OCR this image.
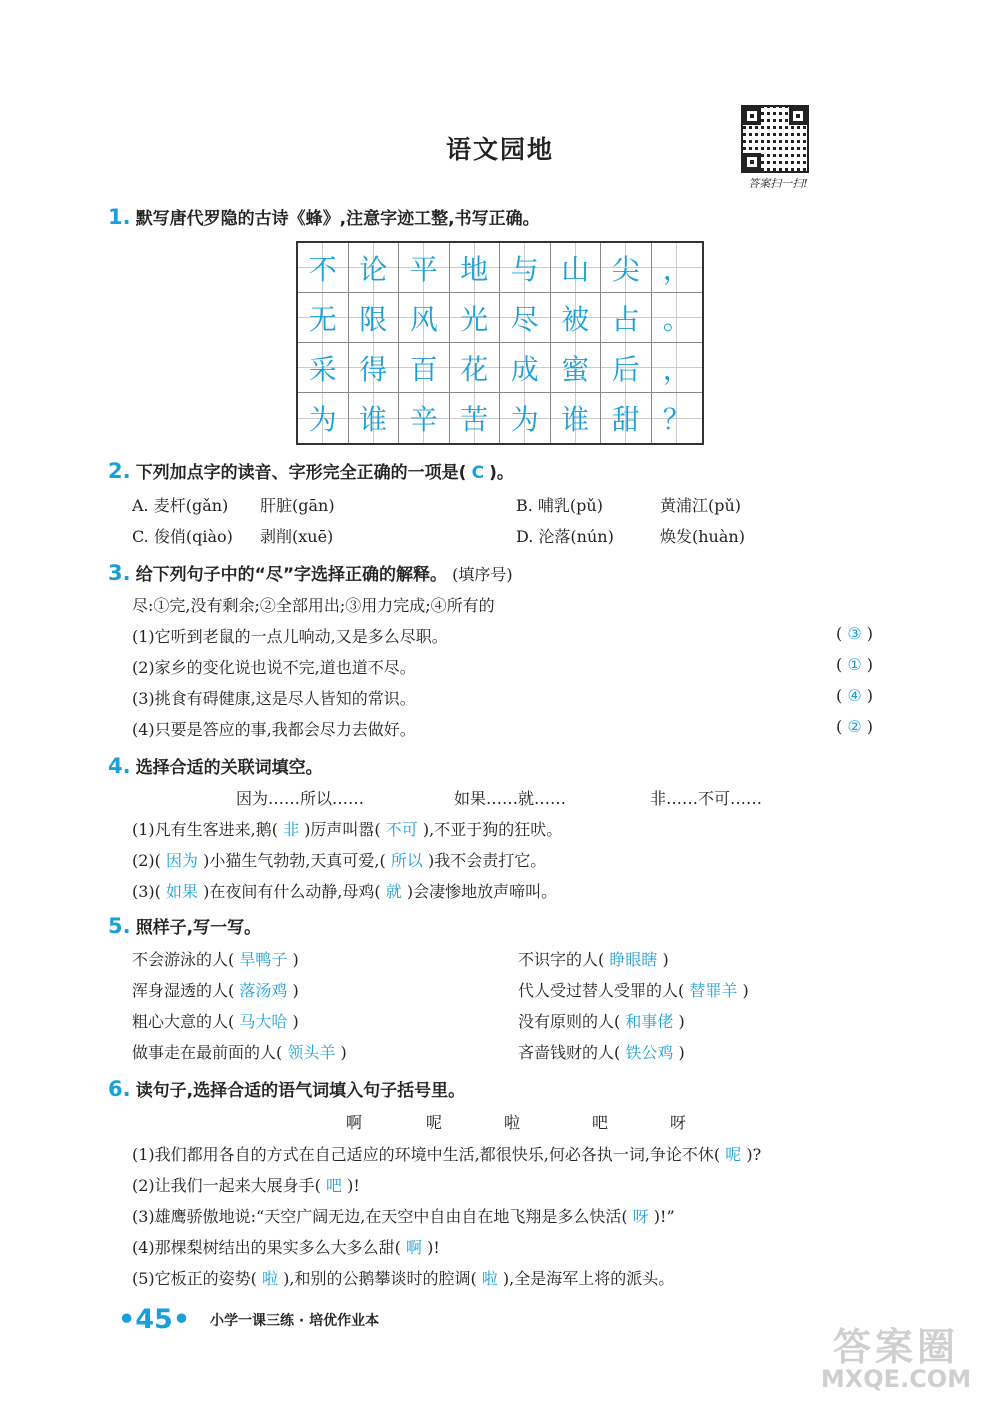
语文园地
答案扫一扫!
1. 默写唐代罗隐的古诗《蜂》,注意字迹工整,书写正确。
不 论 平 地 与 山 尖 ，
无 限 风 光 尽 被 占 。
采 得 百 花 成 蜜 后 ，
为 谁 辛 苦 为 谁 甜 ？
2. 下列加点字的读音、字形完全正确的一项是( C )。
A. 麦杆(gǎn) 肝脏(gān)	B. 哺乳(pǔ)	黄浦江(pǔ)
C. 俊俏(qiào) 剥削(xuē)	D. 沦落(nún)	焕发(huàn)
3. 给下列句子中的“尽”字选择正确的解释。 (填序号)
尽:①完,没有剩余;②全部用出;③用力完成;④所有的
(1)它听到老鼠的一点儿响动,又是多么尽职。	( ③ )
(2)家乡的变化说也说不完,道也道不尽。	( ① )
(3)挑食有碍健康,这是尽人皆知的常识。	( ④ )
(4)只要是答应的事,我都会尽力去做好。	( ② )
4. 选择合适的关联词填空。
因为……所以……	如果……就……	非……不可……
(1)凡有生客进来,鹅( 非 )厉声叫嚣( 不可 ),不亚于狗的狂吠。
(2)( 因为 )小猫生气勃勃,天真可爱,( 所以 )我不会责打它。
(3)( 如果 )在夜间有什么动静,母鸡( 就 )会凄惨地放声啼叫。
5. 照样子,写一写。
不会游泳的人( 旱鸭子 )	不识字的人( 睁眼瞎 )
浑身湿透的人( 落汤鸡 )	代人受过替人受罪的人( 替罪羊 )
粗心大意的人( 马大哈 )	没有原则的人( 和事佬 )
做事走在最前面的人( 领头羊 )	吝啬钱财的人( 铁公鸡 )
6. 读句子,选择合适的语气词填入句子括号里。
啊	呢	啦	吧	呀
(1)我们都用各自的方式在自己适应的环境中生活,都很快乐,何必各执一词,争论不休( 呢 )?
(2)让我们一起来大展身手( 吧 )!
(3)雄鹰骄傲地说:“天空广阔无边,在天空中自由自在地飞翔是多么快活( 呀 )!”
(4)那棵梨树结出的果实多么大多么甜( 啊 )!
(5)它板正的姿势( 啦 ),和别的公鹅攀谈时的腔调( 啦 ),全是海军上将的派头。
•45• 小学一课三练 · 培优作业本
答案圈
MXQE.COM
